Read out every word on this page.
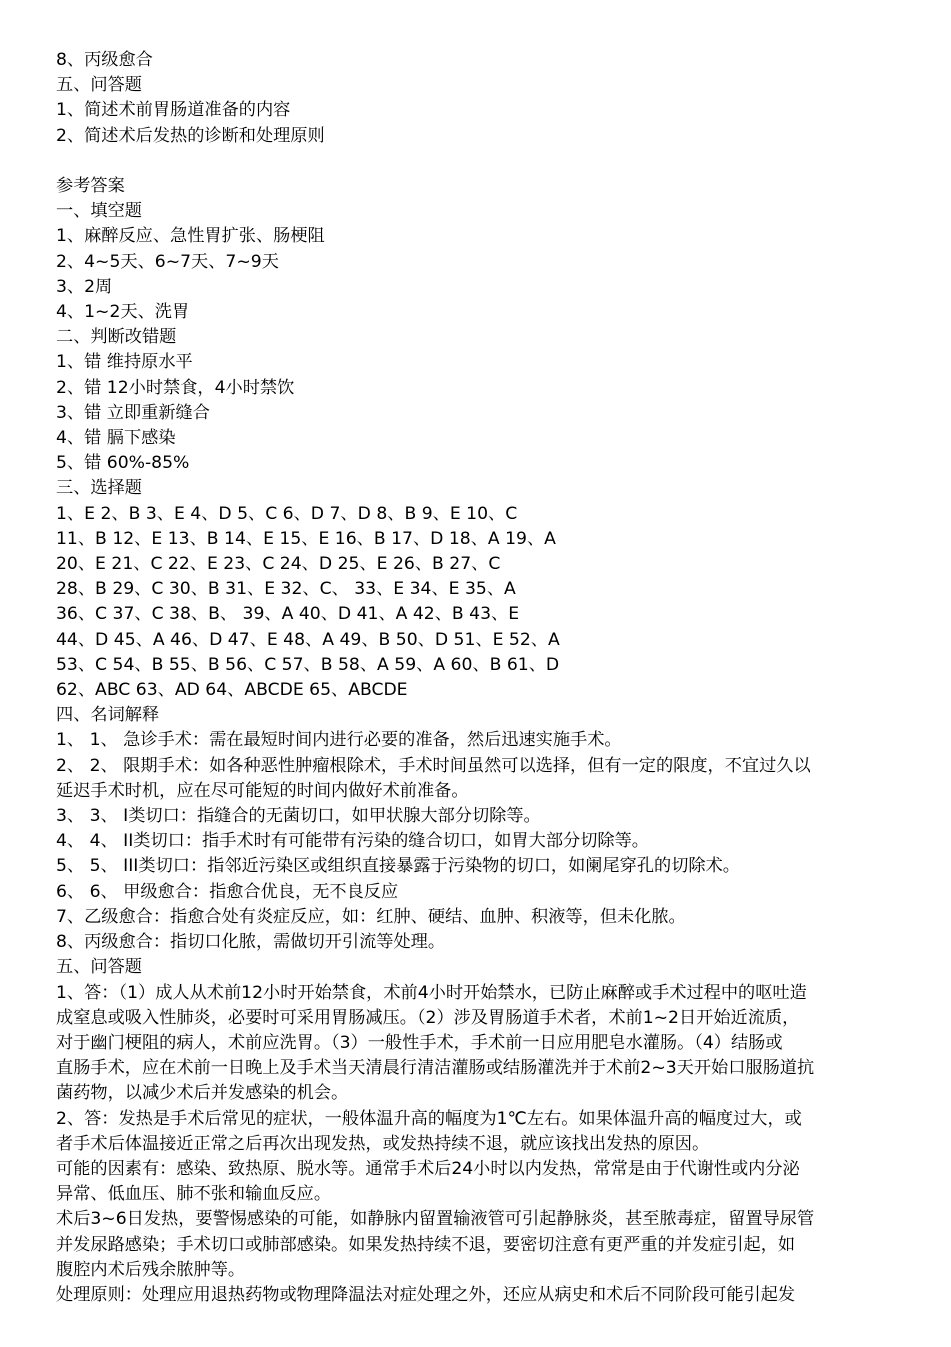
8、丙级愈合
五、问答题
1、简述术前胃肠道准备的内容
2、简述术后发热的诊断和处理原则
参考答案
一、填空题
1、麻醉反应、急性胃扩张、肠梗阻
2、4~5天、6~7天、7~9天
3、2周
4、1~2天、洗胃
二、判断改错题
1、错 维持原水平
2、错 12小时禁食，4小时禁饮
3、错 立即重新缝合
4、错 膈下感染
5、错 60%-85%
三、选择题
1、E 2、B 3、E 4、D 5、C 6、D 7、D 8、B 9、E 10、C
11、B 12、E 13、B 14、E 15、E 16、B 17、D 18、A 19、A
20、E 21、C 22、E 23、C 24、D 25、E 26、B 27、C
28、B 29、C 30、B 31、E 32、C、 33、E 34、E 35、A
36、C 37、C 38、B、 39、A 40、D 41、A 42、B 43、E
44、D 45、A 46、D 47、E 48、A 49、B 50、D 51、E 52、A
53、C 54、B 55、B 56、C 57、B 58、A 59、A 60、B 61、D
62、ABC 63、AD 64、ABCDE 65、ABCDE
四、名词解释
1、 1、 急诊手术：需在最短时间内进行必要的准备，然后迅速实施手术。
2、 2、 限期手术：如各种恶性肿瘤根除术，手术时间虽然可以选择，但有一定的限度，不宜过久以
延迟手术时机，应在尽可能短的时间内做好术前准备。
3、 3、 I类切口：指缝合的无菌切口，如甲状腺大部分切除等。
4、 4、 II类切口：指手术时有可能带有污染的缝合切口，如胃大部分切除等。
5、 5、 III类切口：指邻近污染区或组织直接暴露于污染物的切口，如阑尾穿孔的切除术。
6、 6、 甲级愈合：指愈合优良，无不良反应
7、乙级愈合：指愈合处有炎症反应，如：红肿、硬结、血肿、积液等，但未化脓。
8、丙级愈合：指切口化脓，需做切开引流等处理。
五、问答题
1、答：（1）成人从术前12小时开始禁食，术前4小时开始禁水，已防止麻醉或手术过程中的呕吐造
成窒息或吸入性肺炎，必要时可采用胃肠减压。（2）涉及胃肠道手术者，术前1~2日开始近流质，
对于幽门梗阻的病人，术前应洗胃。（3）一般性手术，手术前一日应用肥皂水灌肠。（4）结肠或
直肠手术，应在术前一日晚上及手术当天清晨行清洁灌肠或结肠灌洗并于术前2~3天开始口服肠道抗
菌药物，以减少术后并发感染的机会。
2、答：发热是手术后常见的症状，一般体温升高的幅度为1℃左右。如果体温升高的幅度过大，或
者手术后体温接近正常之后再次出现发热，或发热持续不退，就应该找出发热的原因。
可能的因素有：感染、致热原、脱水等。通常手术后24小时以内发热，常常是由于代谢性或内分泌
异常、低血压、肺不张和输血反应。
术后3~6日发热，要警惕感染的可能，如静脉内留置输液管可引起静脉炎，甚至脓毒症，留置导尿管
并发尿路感染；手术切口或肺部感染。如果发热持续不退，要密切注意有更严重的并发症引起，如
腹腔内术后残余脓肿等。
处理原则：处理应用退热药物或物理降温法对症处理之外，还应从病史和术后不同阶段可能引起发
